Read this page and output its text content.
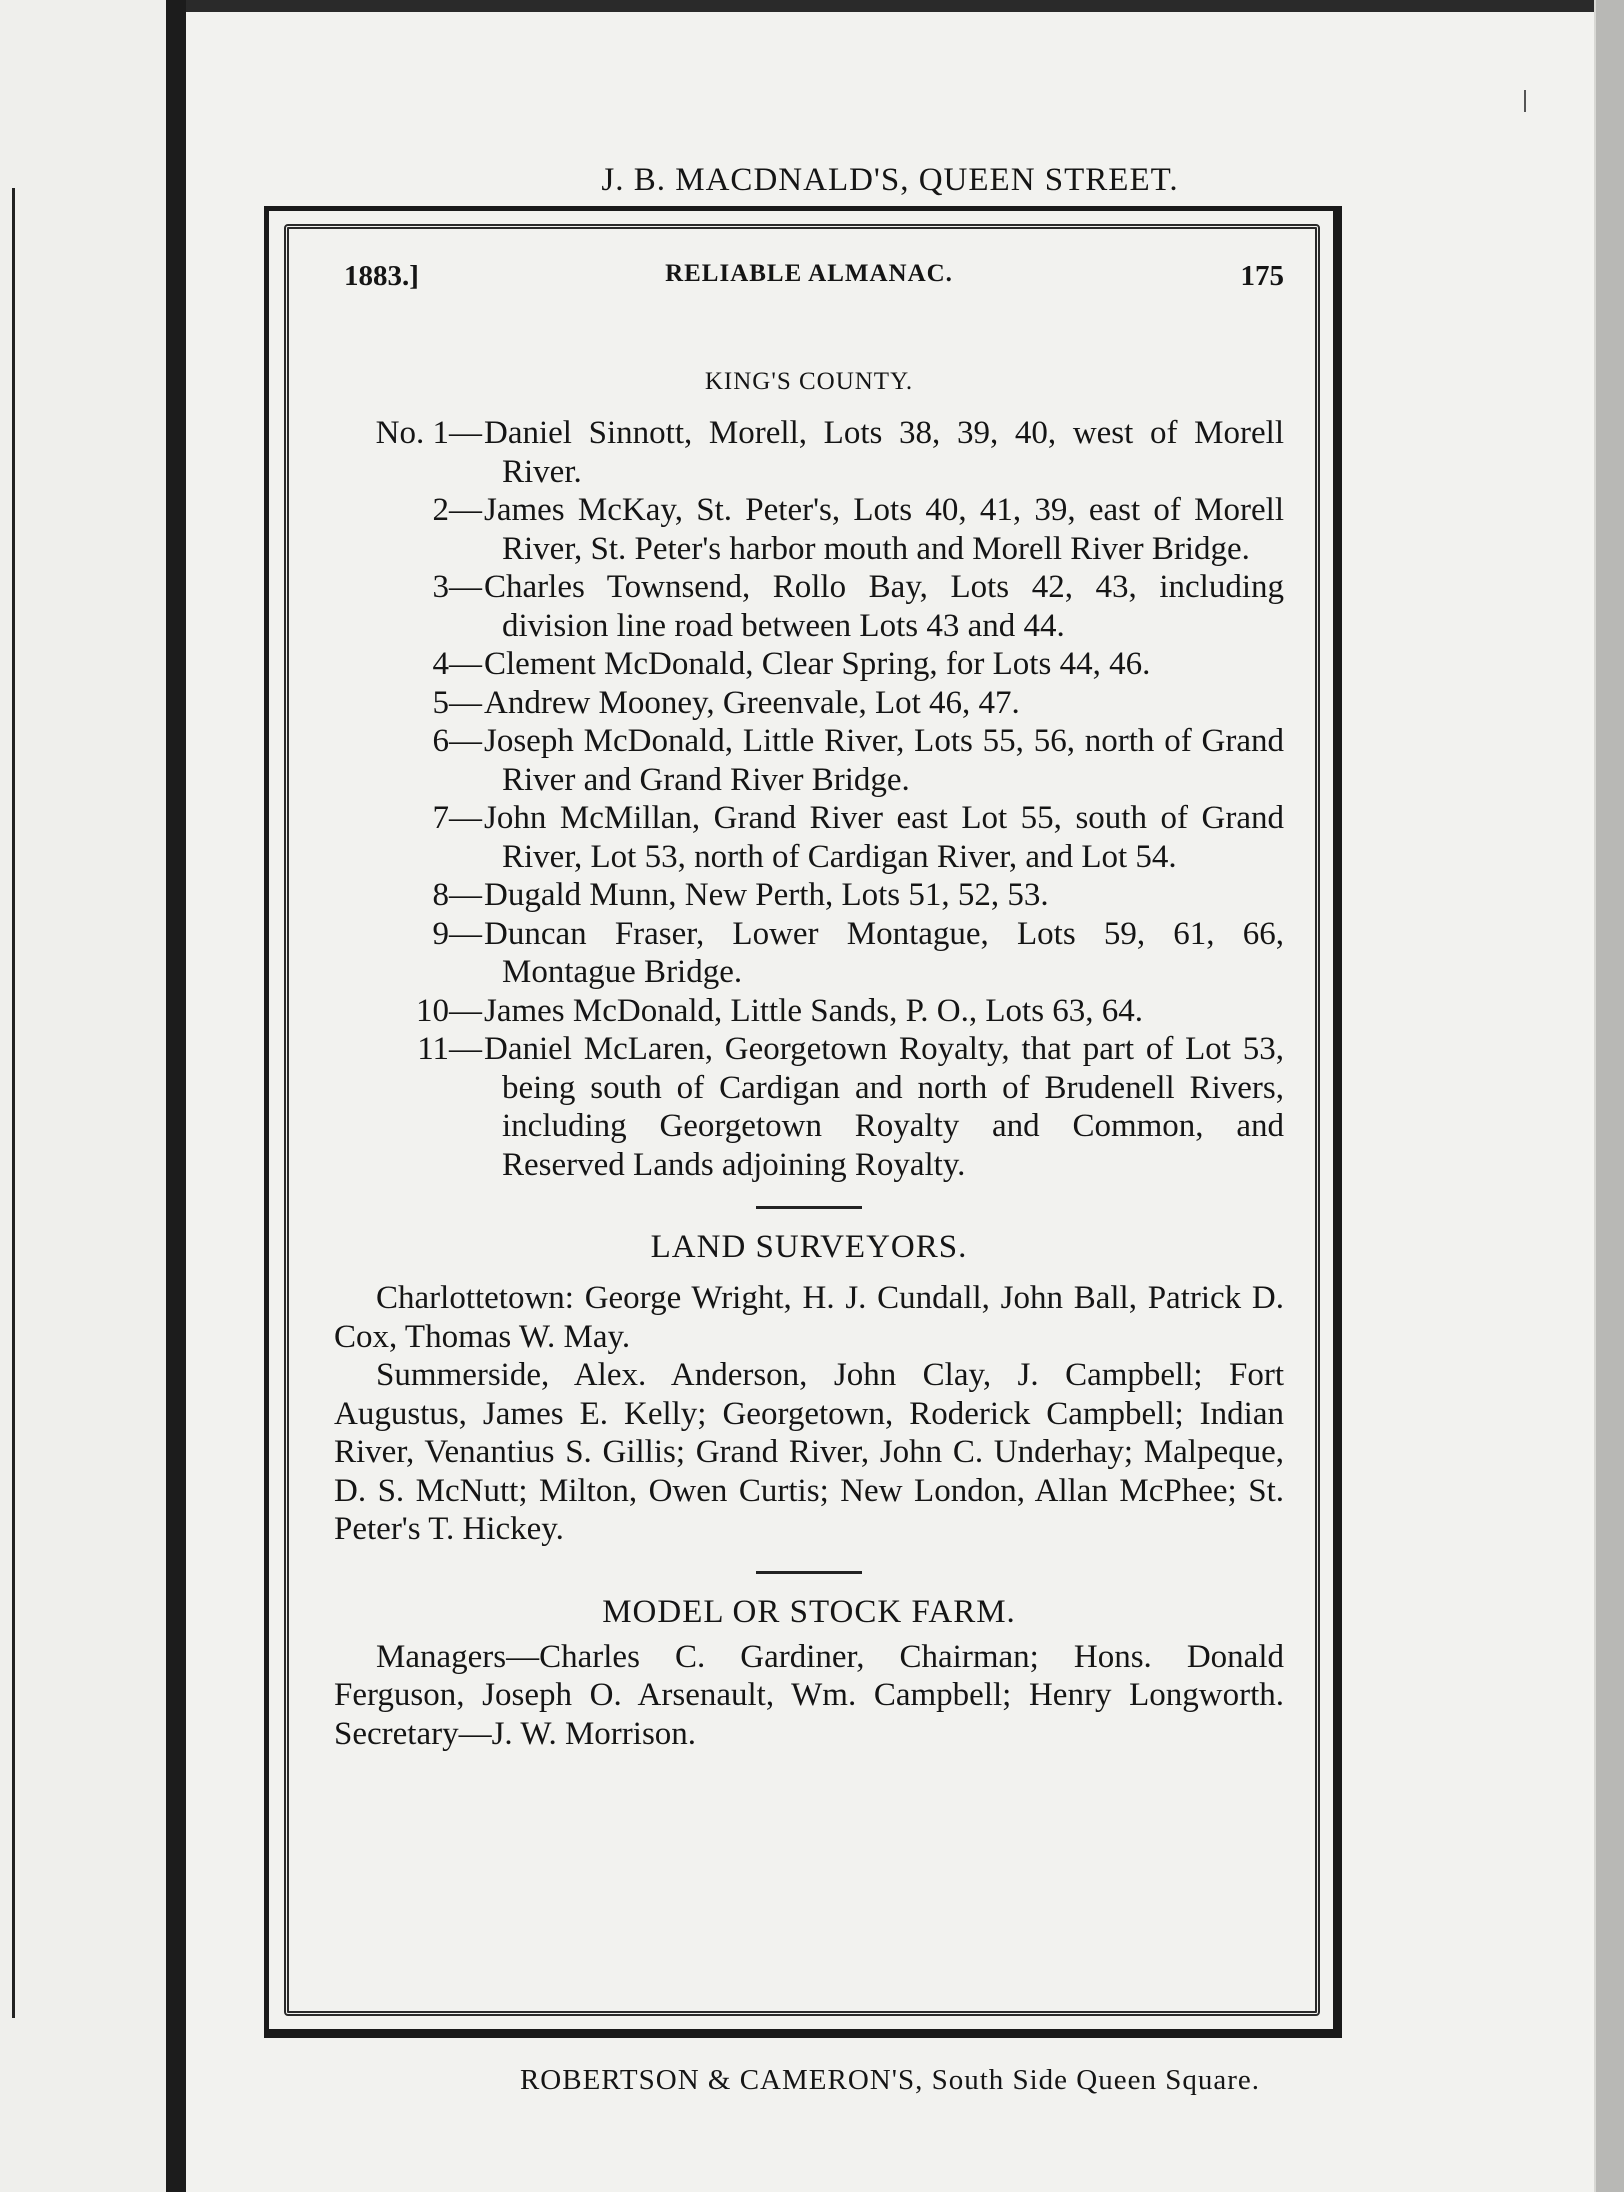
J. B. MACDNALD'S, QUEEN STREET.
1883.]	RELIABLE ALMANAC.	175
KING'S COUNTY.
No. 1— Daniel Sinnott, Morell, Lots 38, 39, 40, west of Morell River.
2— James McKay, St. Peter's, Lots 40, 41, 39, east of Morell River, St. Peter's harbor mouth and Morell River Bridge.
3— Charles Townsend, Rollo Bay, Lots 42, 43, including division line road between Lots 43 and 44.
4— Clement McDonald, Clear Spring, for Lots 44, 46.
5— Andrew Mooney, Greenvale, Lot 46, 47.
6— Joseph McDonald, Little River, Lots 55, 56, north of Grand River and Grand River Bridge.
7— John McMillan, Grand River east Lot 55, south of Grand River, Lot 53, north of Cardigan River, and Lot 54.
8— Dugald Munn, New Perth, Lots 51, 52, 53.
9— Duncan Fraser, Lower Montague, Lots 59, 61, 66, Montague Bridge.
10— James McDonald, Little Sands, P. O., Lots 63, 64.
11— Daniel McLaren, Georgetown Royalty, that part of Lot 53, being south of Cardigan and north of Brudenell Rivers, including Georgetown Royalty and Common, and Reserved Lands adjoining Royalty.
LAND SURVEYORS.

Charlottetown: George Wright, H. J. Cundall, John Ball, Patrick D. Cox, Thomas W. May.

Summerside, Alex. Anderson, John Clay, J. Campbell; Fort Augustus, James E. Kelly; Georgetown, Roderick Campbell; Indian River, Venantius S. Gillis; Grand River, John C. Underhay; Malpeque, D. S. McNutt; Milton, Owen Curtis; New London, Allan McPhee; St. Peter's T. Hickey.

MODEL OR STOCK FARM.

Managers—Charles C. Gardiner, Chairman; Hons. Donald Ferguson, Joseph O. Arsenault, Wm. Campbell; Henry Longworth. Secretary—J. W. Morrison.

ROBERTSON & CAMERON'S, South Side Queen Square.
